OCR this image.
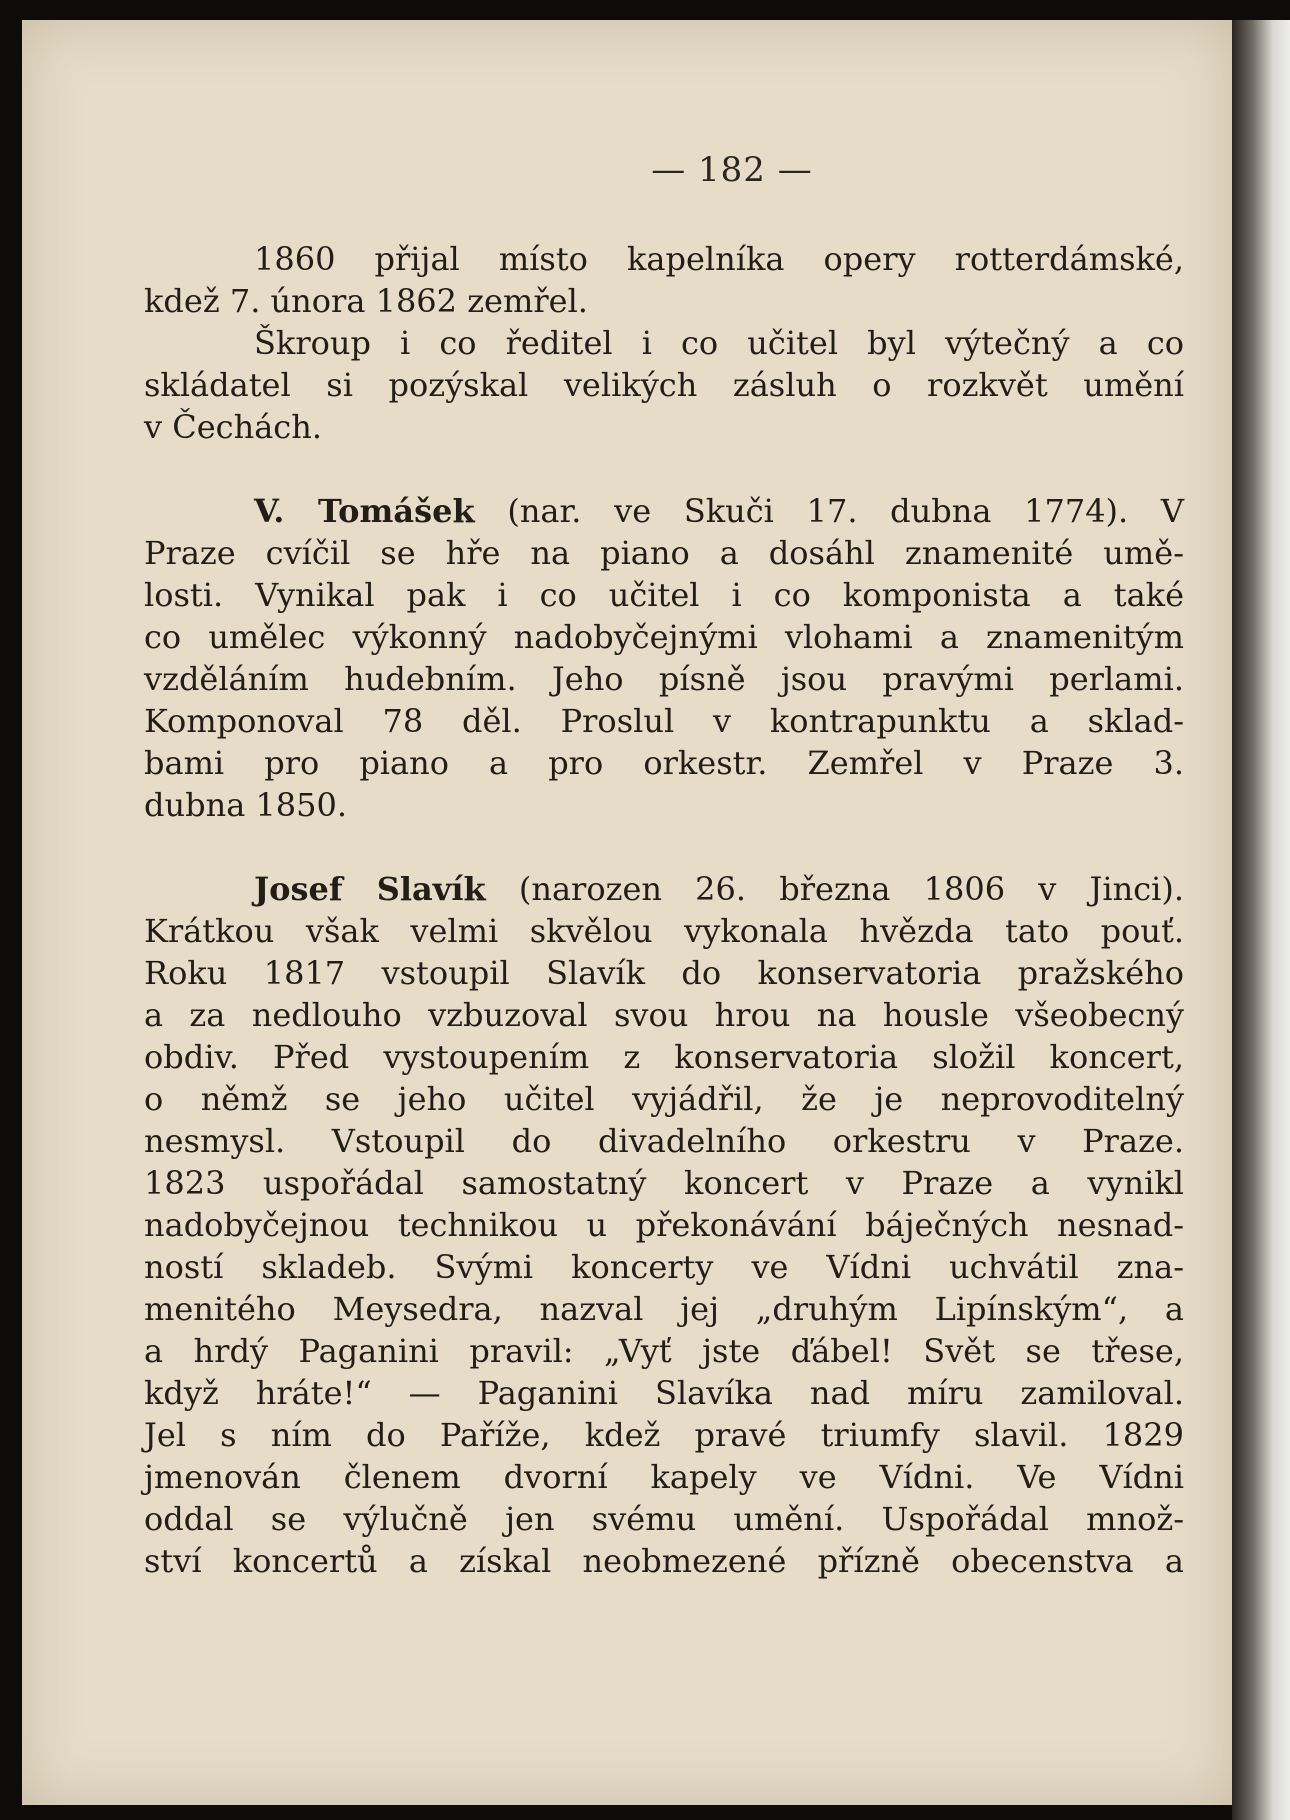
— 182 —
1860 přijal místo kapelníka opery rotterdámské,
kdež 7. února 1862 zemřel.
Škroup i co ředitel i co učitel byl výtečný a co
skládatel si pozýskal velikých zásluh o rozkvět umění
v Čechách.
V. Tomášek (nar. ve Skuči 17. dubna 1774). V
Praze cvíčil se hře na piano a dosáhl znamenité umě-
losti. Vynikal pak i co učitel i co komponista a také
co umělec výkonný nadobyčejnými vlohami a znamenitým
vzděláním hudebním. Jeho písně jsou pravými perlami.
Komponoval 78 děl. Proslul v kontrapunktu a sklad-
bami pro piano a pro orkestr. Zemřel v Praze 3.
dubna 1850.
Josef Slavík (narozen 26. března 1806 v Jinci).
Krátkou však velmi skvělou vykonala hvězda tato pouť.
Roku 1817 vstoupil Slavík do konservatoria pražského
a za nedlouho vzbuzoval svou hrou na housle všeobecný
obdiv. Před vystoupením z konservatoria složil koncert,
o němž se jeho učitel vyjádřil, že je neprovoditelný
nesmysl. Vstoupil do divadelního orkestru v Praze.
1823 uspořádal samostatný koncert v Praze a vynikl
nadobyčejnou technikou u překonávání báječných nesnad-
ností skladeb. Svými koncerty ve Vídni uchvátil zna-
menitého Meysedra, nazval jej „druhým Lipínským“, a
a hrdý Paganini pravil: „Vyť jste ďábel! Svět se třese,
když hráte!“ — Paganini Slavíka nad míru zamiloval.
Jel s ním do Paříže, kdež pravé triumfy slavil. 1829
jmenován členem dvorní kapely ve Vídni. Ve Vídni
oddal se výlučně jen svému umění. Uspořádal množ-
ství koncertů a získal neobmezené přízně obecenstva a
